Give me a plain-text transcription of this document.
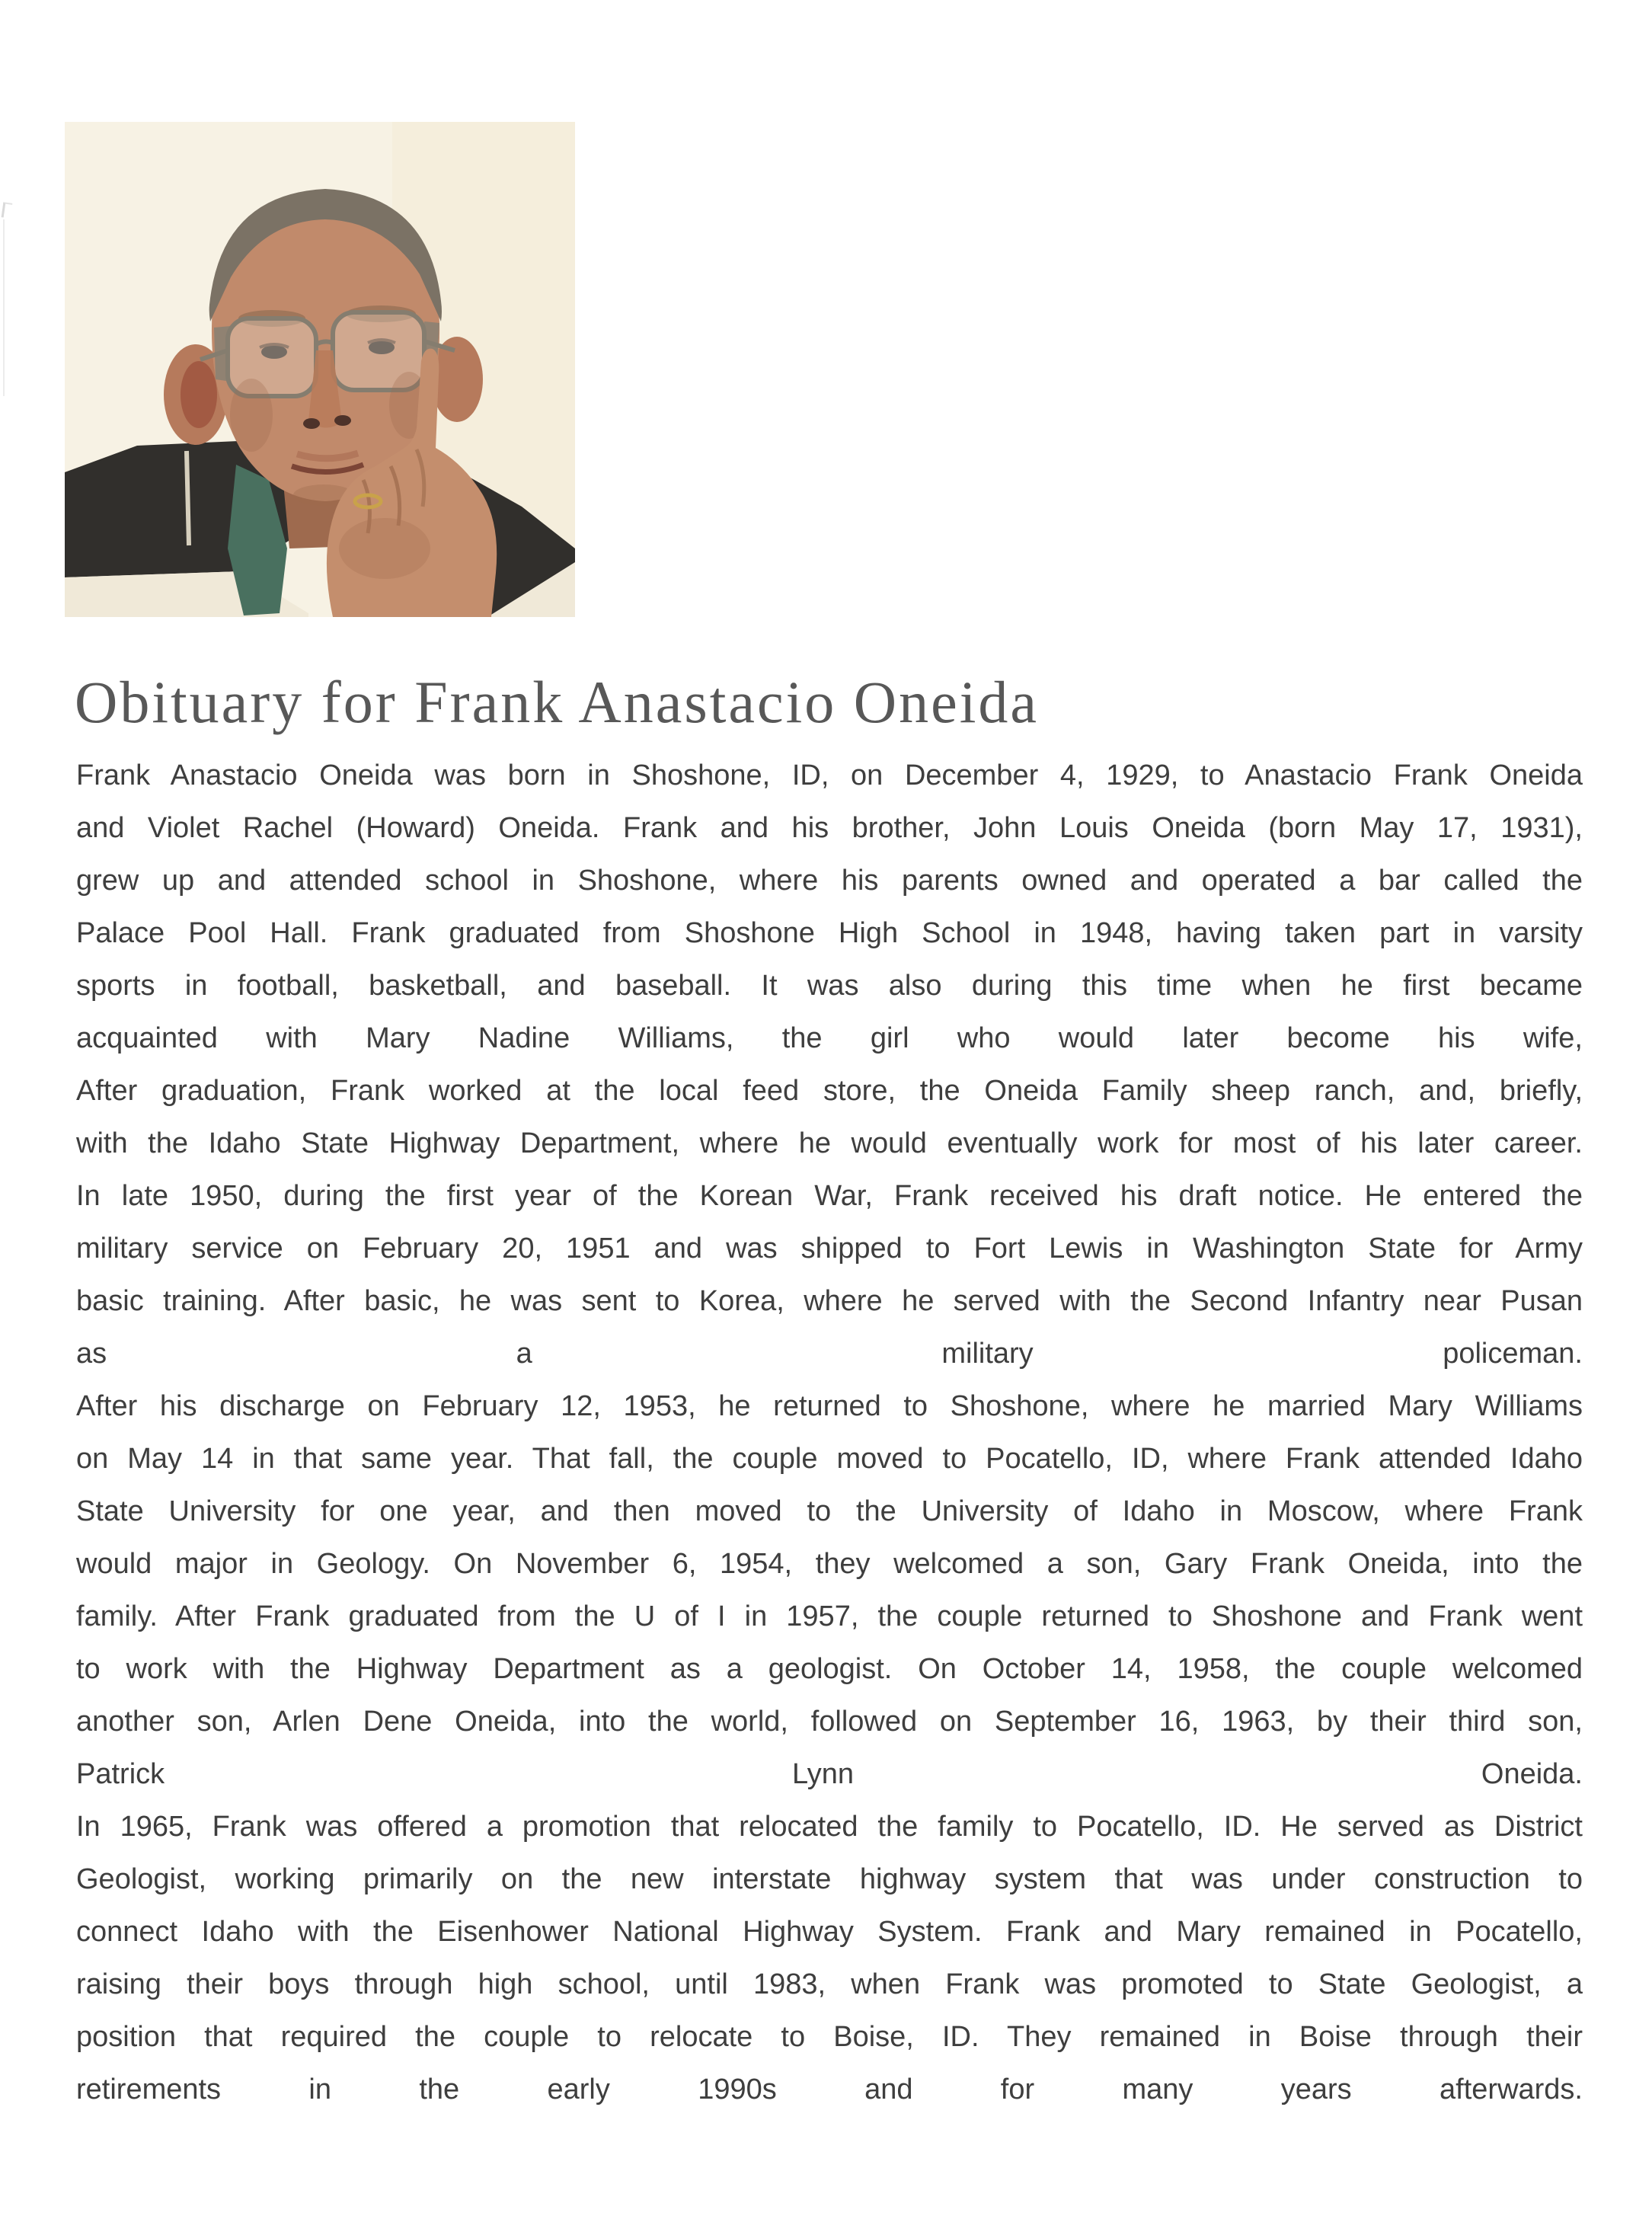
Obituary for Frank Anastacio Oneida
Frank Anastacio Oneida was born in Shoshone, ID, on December 4, 1929, to Anastacio Frank Oneida
and Violet Rachel (Howard) Oneida. Frank and his brother, John Louis Oneida (born May 17, 1931),
grew up and attended school in Shoshone, where his parents owned and operated a bar called the
Palace Pool Hall. Frank graduated from Shoshone High School in 1948, having taken part in varsity
sports in football, basketball, and baseball. It was also during this time when he first became
acquainted with Mary Nadine Williams, the girl who would later become his wife,
After graduation, Frank worked at the local feed store, the Oneida Family sheep ranch, and, briefly,
with the Idaho State Highway Department, where he would eventually work for most of his later career.
In late 1950, during the first year of the Korean War, Frank received his draft notice. He entered the
military service on February 20, 1951 and was shipped to Fort Lewis in Washington State for Army
basic training. After basic, he was sent to Korea, where he served with the Second Infantry near Pusan
as a military policeman.
After his discharge on February 12, 1953, he returned to Shoshone, where he married Mary Williams
on May 14 in that same year. That fall, the couple moved to Pocatello, ID, where Frank attended Idaho
State University for one year, and then moved to the University of Idaho in Moscow, where Frank
would major in Geology. On November 6, 1954, they welcomed a son, Gary Frank Oneida, into the
family. After Frank graduated from the U of I in 1957, the couple returned to Shoshone and Frank went
to work with the Highway Department as a geologist. On October 14, 1958, the couple welcomed
another son, Arlen Dene Oneida, into the world, followed on September 16, 1963, by their third son,
Patrick Lynn Oneida.
In 1965, Frank was offered a promotion that relocated the family to Pocatello, ID. He served as District
Geologist, working primarily on the new interstate highway system that was under construction to
connect Idaho with the Eisenhower National Highway System. Frank and Mary remained in Pocatello,
raising their boys through high school, until 1983, when Frank was promoted to State Geologist, a
position that required the couple to relocate to Boise, ID. They remained in Boise through their
retirements in the early 1990s and for many years afterwards.
